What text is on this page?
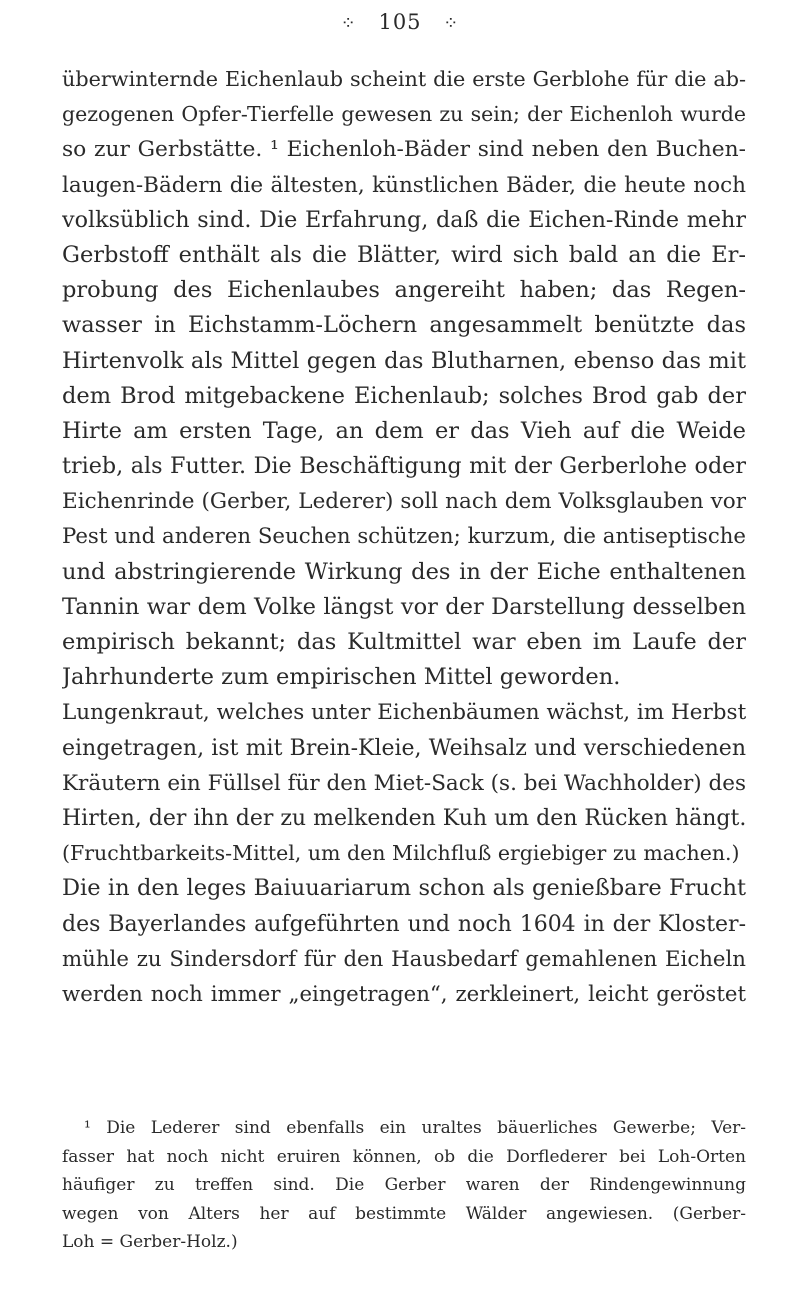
⁘ 105 ⁘
überwinternde Eichenlaub scheint die erste Gerblohe für die ab-
gezogenen Opfer-Tierfelle gewesen zu sein; der Eichenloh wurde
so zur Gerbstätte. ¹ Eichenloh-Bäder sind neben den Buchen-
laugen-Bädern die ältesten, künstlichen Bäder, die heute noch
volksüblich sind. Die Erfahrung, daß die Eichen-Rinde mehr
Gerbstoff enthält als die Blätter, wird sich bald an die Er-
probung des Eichenlaubes angereiht haben; das Regen-
wasser in Eichstamm-Löchern angesammelt benützte das
Hirtenvolk als Mittel gegen das Blutharnen, ebenso das mit
dem Brod mitgebackene Eichenlaub; solches Brod gab der
Hirte am ersten Tage, an dem er das Vieh auf die Weide
trieb, als Futter. Die Beschäftigung mit der Gerberlohe oder
Eichenrinde (Gerber, Lederer) soll nach dem Volksglauben vor
Pest und anderen Seuchen schützen; kurzum, die antiseptische
und abstringierende Wirkung des in der Eiche enthaltenen
Tannin war dem Volke längst vor der Darstellung desselben
empirisch bekannt; das Kultmittel war eben im Laufe der
Jahrhunderte zum empirischen Mittel geworden.
Lungenkraut, welches unter Eichenbäumen wächst, im Herbst
eingetragen, ist mit Brein-Kleie, Weihsalz und verschiedenen
Kräutern ein Füllsel für den Miet-Sack (s. bei Wachholder) des
Hirten, der ihn der zu melkenden Kuh um den Rücken hängt.
(Fruchtbarkeits-Mittel, um den Milchfluß ergiebiger zu machen.)
Die in den leges Baiuuariarum schon als genießbare Frucht
des Bayerlandes aufgeführten und noch 1604 in der Kloster-
mühle zu Sindersdorf für den Hausbedarf gemahlenen Eicheln
werden noch immer „eingetragen“, zerkleinert, leicht geröstet
¹ Die Lederer sind ebenfalls ein uraltes bäuerliches Gewerbe; Ver-
fasser hat noch nicht eruiren können, ob die Dorflederer bei Loh-Orten
häufiger zu treffen sind. Die Gerber waren der Rindengewinnung
wegen von Alters her auf bestimmte Wälder angewiesen. (Gerber-
Loh = Gerber-Holz.)
